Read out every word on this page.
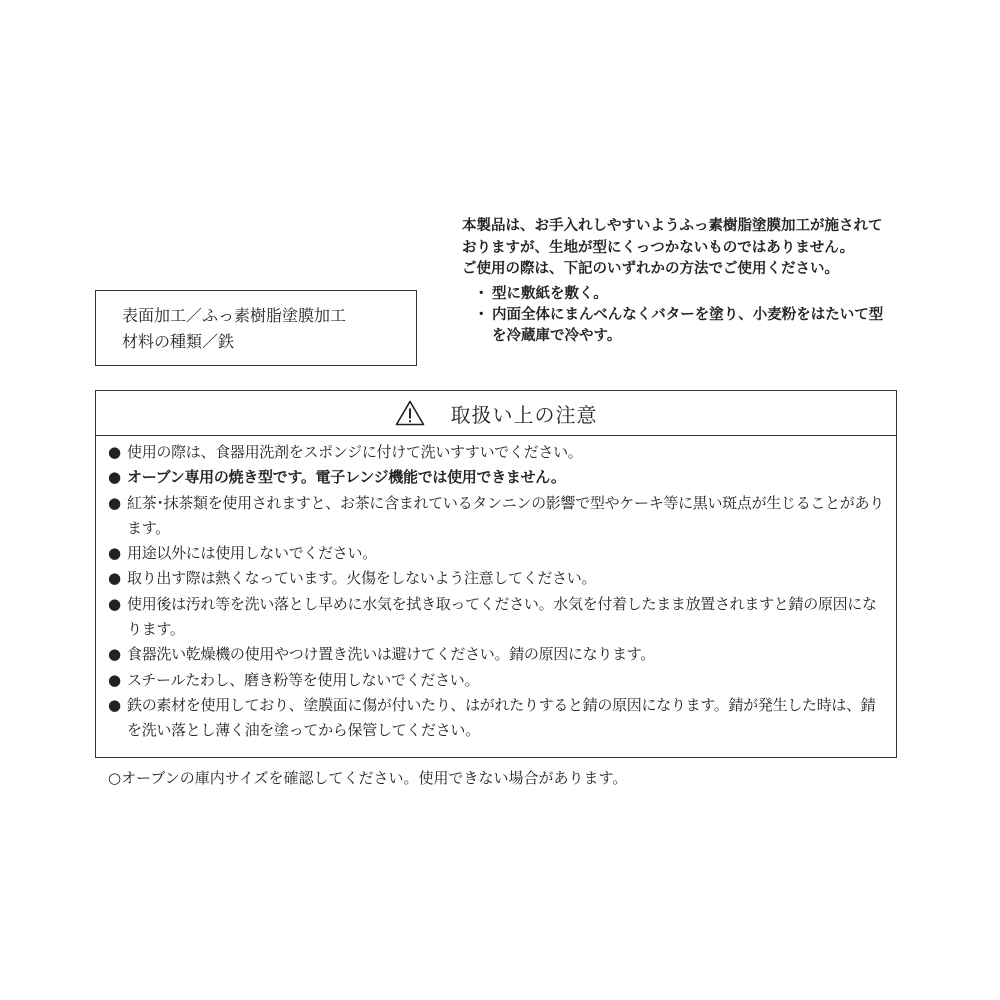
本製品は、お手入れしやすいようふっ素樹脂塗膜加工が施されておりますが、生地が型にくっつかないものではありません。
ご使用の際は、下記のいずれかの方法でご使用ください。
・ 型に敷紙を敷く。
・ 内面全体にまんべんなくバターを塗り、小麦粉をはたいて型を冷蔵庫で冷やす。
表面加工／ふっ素樹脂塗膜加工
材料の種類／鉄
取扱い上の注意
● 使用の際は、食器用洗剤をスポンジに付けて洗いすすいでください。
● オーブン専用の焼き型です。電子レンジ機能では使用できません。
● 紅茶･抹茶類を使用されますと、お茶に含まれているタンニンの影響で型やケーキ等に黒い斑点が生じることがあります。
● 用途以外には使用しないでください。
● 取り出す際は熱くなっています。火傷をしないよう注意してください。
● 使用後は汚れ等を洗い落とし早めに水気を拭き取ってください。水気を付着したまま放置されますと錆の原因になります。
● 食器洗い乾燥機の使用やつけ置き洗いは避けてください。錆の原因になります。
● スチールたわし、磨き粉等を使用しないでください。
● 鉄の素材を使用しており、塗膜面に傷が付いたり、はがれたりすると錆の原因になります。錆が発生した時は、錆を洗い落とし薄く油を塗ってから保管してください。
○ オーブンの庫内サイズを確認してください。使用できない場合があります。
